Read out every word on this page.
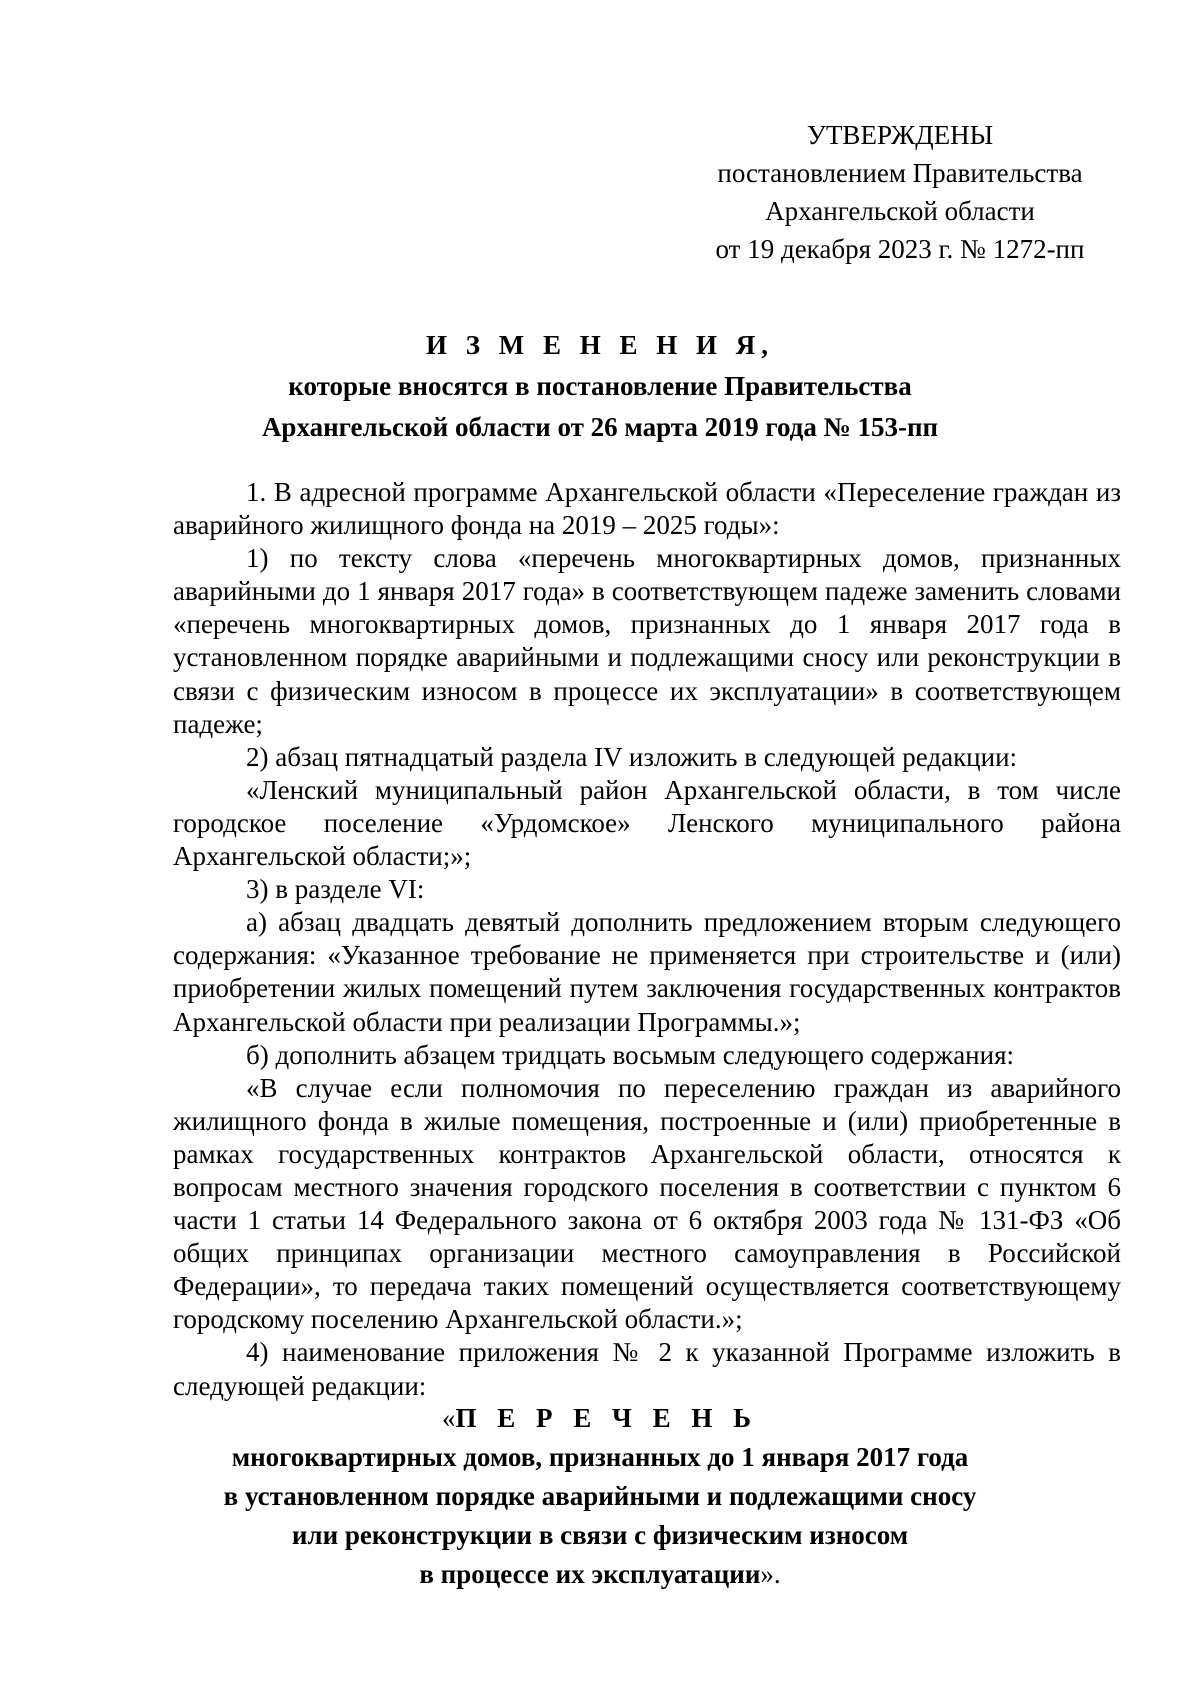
УТВЕРЖДЕНЫ
постановлением Правительства
Архангельской области
от 19 декабря 2023 г. № 1272-пп
И З М Е Н Е Н И Я,
которые вносятся в постановление Правительства
Архангельской области от 26 марта 2019 года № 153-пп

1. В адресной программе Архангельской области «Переселение граждан из аварийного жилищного фонда на 2019 – 2025 годы»:

1) по тексту слова «перечень многоквартирных домов, признанных аварийными до 1 января 2017 года» в соответствующем падеже заменить словами «перечень многоквартирных домов, признанных до 1 января 2017 года в установленном порядке аварийными и подлежащими сносу или реконструкции в связи с физическим износом в процессе их эксплуатации» в соответствующем падеже;

2) абзац пятнадцатый раздела IV изложить в следующей редакции:

«Ленский муниципальный район Архангельской области, в том числе городское поселение «Урдомское» Ленского муниципального района Архангельской области;»;

3) в разделе VI:

а) абзац двадцать девятый дополнить предложением вторым следующего содержания: «Указанное требование не применяется при строительстве и (или) приобретении жилых помещений путем заключения государственных контрактов Архангельской области при реализации Программы.»;

б) дополнить абзацем тридцать восьмым следующего содержания:

«В случае если полномочия по переселению граждан из аварийного жилищного фонда в жилые помещения, построенные и (или) приобретенные в рамках государственных контрактов Архангельской области, относятся к вопросам местного значения городского поселения в соответствии с пунктом 6 части 1 статьи 14 Федерального закона от 6 октября 2003 года № 131-ФЗ «Об общих принципах организации местного самоуправления в Российской Федерации», то передача таких помещений осуществляется соответствующему городскому поселению Архангельской области.»;

4) наименование приложения № 2 к указанной Программе изложить в следующей редакции:

«П Е Р Е Ч Е Н Ь
многоквартирных домов, признанных до 1 января 2017 года
в установленном порядке аварийными и подлежащими сносу
или реконструкции в связи с физическим износом
в процессе их эксплуатации».
